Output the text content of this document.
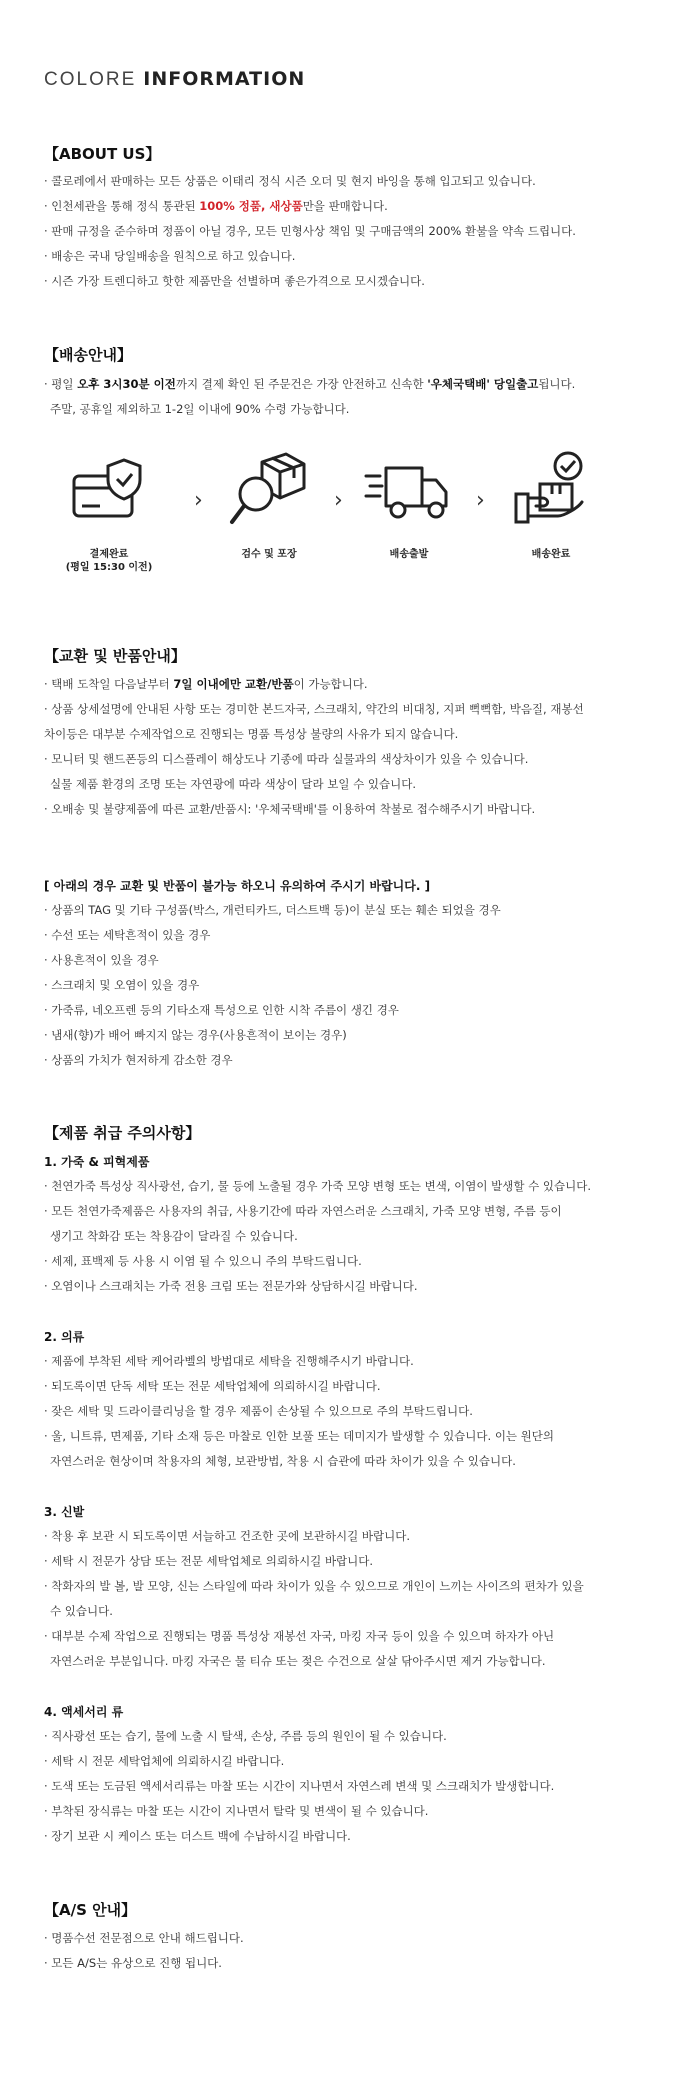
COLORE INFORMATION
【ABOUT US】
· 콜로레에서 판매하는 모든 상품은 이태리 정식 시즌 오더 및 현지 바잉을 통해 입고되고 있습니다.
· 인천세관을 통해 정식 통관된 100% 정품, 새상품만을 판매합니다.
· 판매 규정을 준수하며 정품이 아닐 경우, 모든 민형사상 책임 및 구매금액의 200% 환불을 약속 드립니다.
· 배송은 국내 당일배송을 원칙으로 하고 있습니다.
· 시즌 가장 트렌디하고 핫한 제품만을 선별하며 좋은가격으로 모시겠습니다.
【배송안내】
· 평일 오후 3시30분 이전까지 결제 확인 된 주문건은 가장 안전하고 신속한 '우체국택배' 당일출고됩니다.
주말, 공휴일 제외하고 1-2일 이내에 90% 수령 가능합니다.
결제완료
(평일 15:30 이전)
›
검수 및 포장
›
배송출발
›
배송완료
【교환 및 반품안내】
· 택배 도착일 다음날부터 7일 이내에만 교환/반품이 가능합니다.
· 상품 상세설명에 안내된 사항 또는 경미한 본드자국, 스크래치, 약간의 비대칭, 지퍼 뻑뻑함, 박음질, 재봉선
차이등은 대부분 수제작업으로 진행되는 명품 특성상 불량의 사유가 되지 않습니다.
· 모니터 및 핸드폰등의 디스플레이 해상도나 기종에 따라 실물과의 색상차이가 있을 수 있습니다.
실물 제품 환경의 조명 또는 자연광에 따라 색상이 달라 보일 수 있습니다.
· 오배송 및 불량제품에 따른 교환/반품시: '우체국택배'를 이용하여 착불로 접수해주시기 바랍니다.
[ 아래의 경우 교환 및 반품이 불가능 하오니 유의하여 주시기 바랍니다. ]
· 상품의 TAG 및 기타 구성품(박스, 개런티카드, 더스트백 등)이 분실 또는 훼손 되었을 경우
· 수선 또는 세탁흔적이 있을 경우
· 사용흔적이 있을 경우
· 스크래치 및 오염이 있을 경우
· 가죽류, 네오프렌 등의 기타소재 특성으로 인한 시착 주름이 생긴 경우
· 냄새(향)가 배어 빠지지 않는 경우(사용흔적이 보이는 경우)
· 상품의 가치가 현저하게 감소한 경우
【제품 취급 주의사항】
1. 가죽 & 피혁제품
· 천연가죽 특성상 직사광선, 습기, 물 등에 노출될 경우 가죽 모양 변형 또는 변색, 이염이 발생할 수 있습니다.
· 모든 천연가죽제품은 사용자의 취급, 사용기간에 따라 자연스러운 스크래치, 가죽 모양 변형, 주름 등이
생기고 착화감 또는 착용감이 달라질 수 있습니다.
· 세제, 표백제 등 사용 시 이염 될 수 있으니 주의 부탁드립니다.
· 오염이나 스크래치는 가죽 전용 크림 또는 전문가와 상담하시길 바랍니다.
2. 의류
· 제품에 부착된 세탁 케어라벨의 방법대로 세탁을 진행해주시기 바랍니다.
· 되도록이면 단독 세탁 또는 전문 세탁업체에 의뢰하시길 바랍니다.
· 잦은 세탁 및 드라이클리닝을 할 경우 제품이 손상될 수 있으므로 주의 부탁드립니다.
· 울, 니트류, 면제품, 기타 소재 등은 마찰로 인한 보풀 또는 데미지가 발생할 수 있습니다. 이는 원단의
자연스러운 현상이며 착용자의 체형, 보관방법, 착용 시 습관에 따라 차이가 있을 수 있습니다.
3. 신발
· 착용 후 보관 시 되도록이면 서늘하고 건조한 곳에 보관하시길 바랍니다.
· 세탁 시 전문가 상담 또는 전문 세탁업체로 의뢰하시길 바랍니다.
· 착화자의 발 볼, 발 모양, 신는 스타일에 따라 차이가 있을 수 있으므로 개인이 느끼는 사이즈의 편차가 있을
수 있습니다.
· 대부분 수제 작업으로 진행되는 명품 특성상 재봉선 자국, 마킹 자국 등이 있을 수 있으며 하자가 아닌
자연스러운 부분입니다. 마킹 자국은 물 티슈 또는 젖은 수건으로 살살 닦아주시면 제거 가능합니다.
4. 액세서리 류
· 직사광선 또는 습기, 물에 노출 시 탈색, 손상, 주름 등의 원인이 될 수 있습니다.
· 세탁 시 전문 세탁업체에 의뢰하시길 바랍니다.
· 도색 또는 도금된 액세서리류는 마찰 또는 시간이 지나면서 자연스레 변색 및 스크래치가 발생합니다.
· 부착된 장식류는 마찰 또는 시간이 지나면서 탈락 및 변색이 될 수 있습니다.
· 장기 보관 시 케이스 또는 더스트 백에 수납하시길 바랍니다.
【A/S 안내】
· 명품수선 전문점으로 안내 해드립니다.
· 모든 A/S는 유상으로 진행 됩니다.
